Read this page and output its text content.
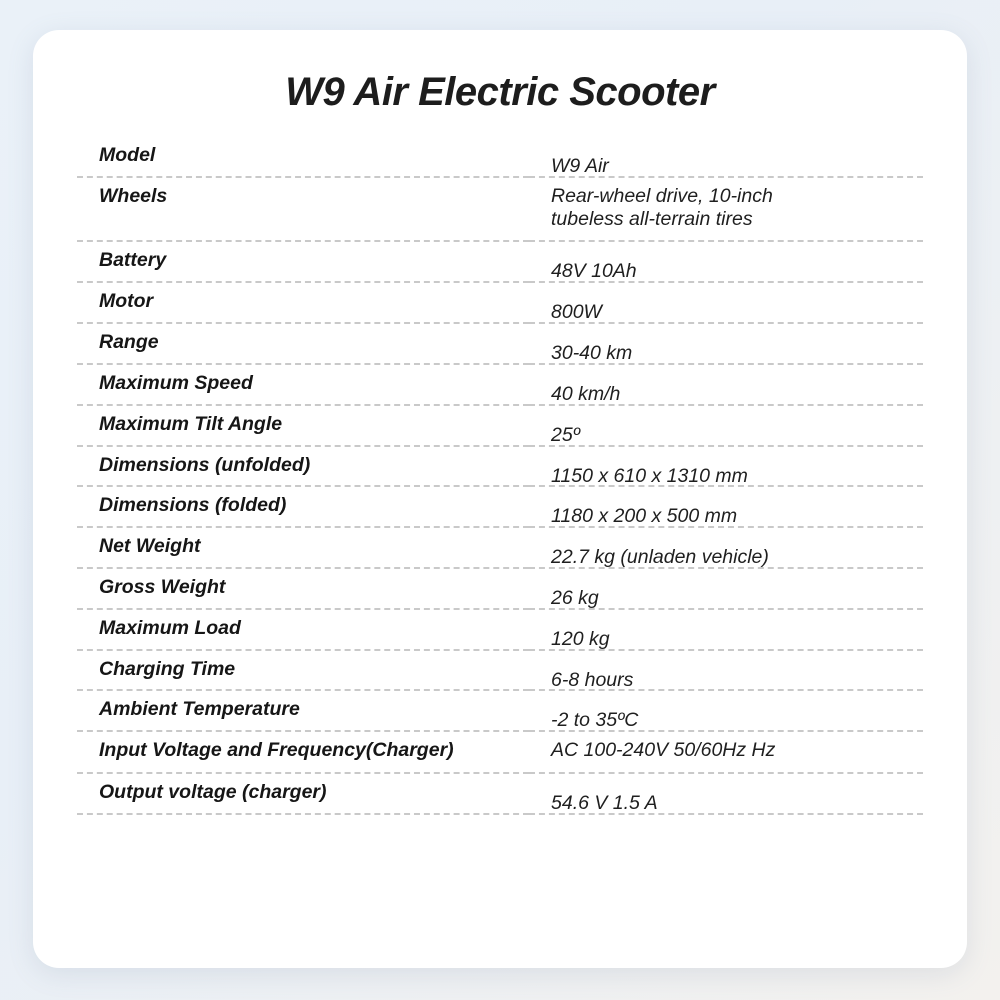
W9 Air Electric Scooter
Model	W9 Air

Wheels	Rear-wheel drive, 10-inch
tubeless all-terrain tires

Battery	48V 10Ah

Motor	800W

Range	30-40 km

Maximum Speed	40 km/h

Maximum Tilt Angle	25º

Dimensions (unfolded)	1150 x 610 x 1310 mm

Dimensions (folded)	1180 x 200 x 500 mm

Net Weight	22.7 kg (unladen vehicle)

Gross Weight	26 kg

Maximum Load	120 kg

Charging Time	6-8 hours

Ambient Temperature	-2 to 35ºC

Input Voltage and Frequency(Charger)	AC 100-240V 50/60Hz Hz

Output voltage (charger)	54.6 V 1.5 A
